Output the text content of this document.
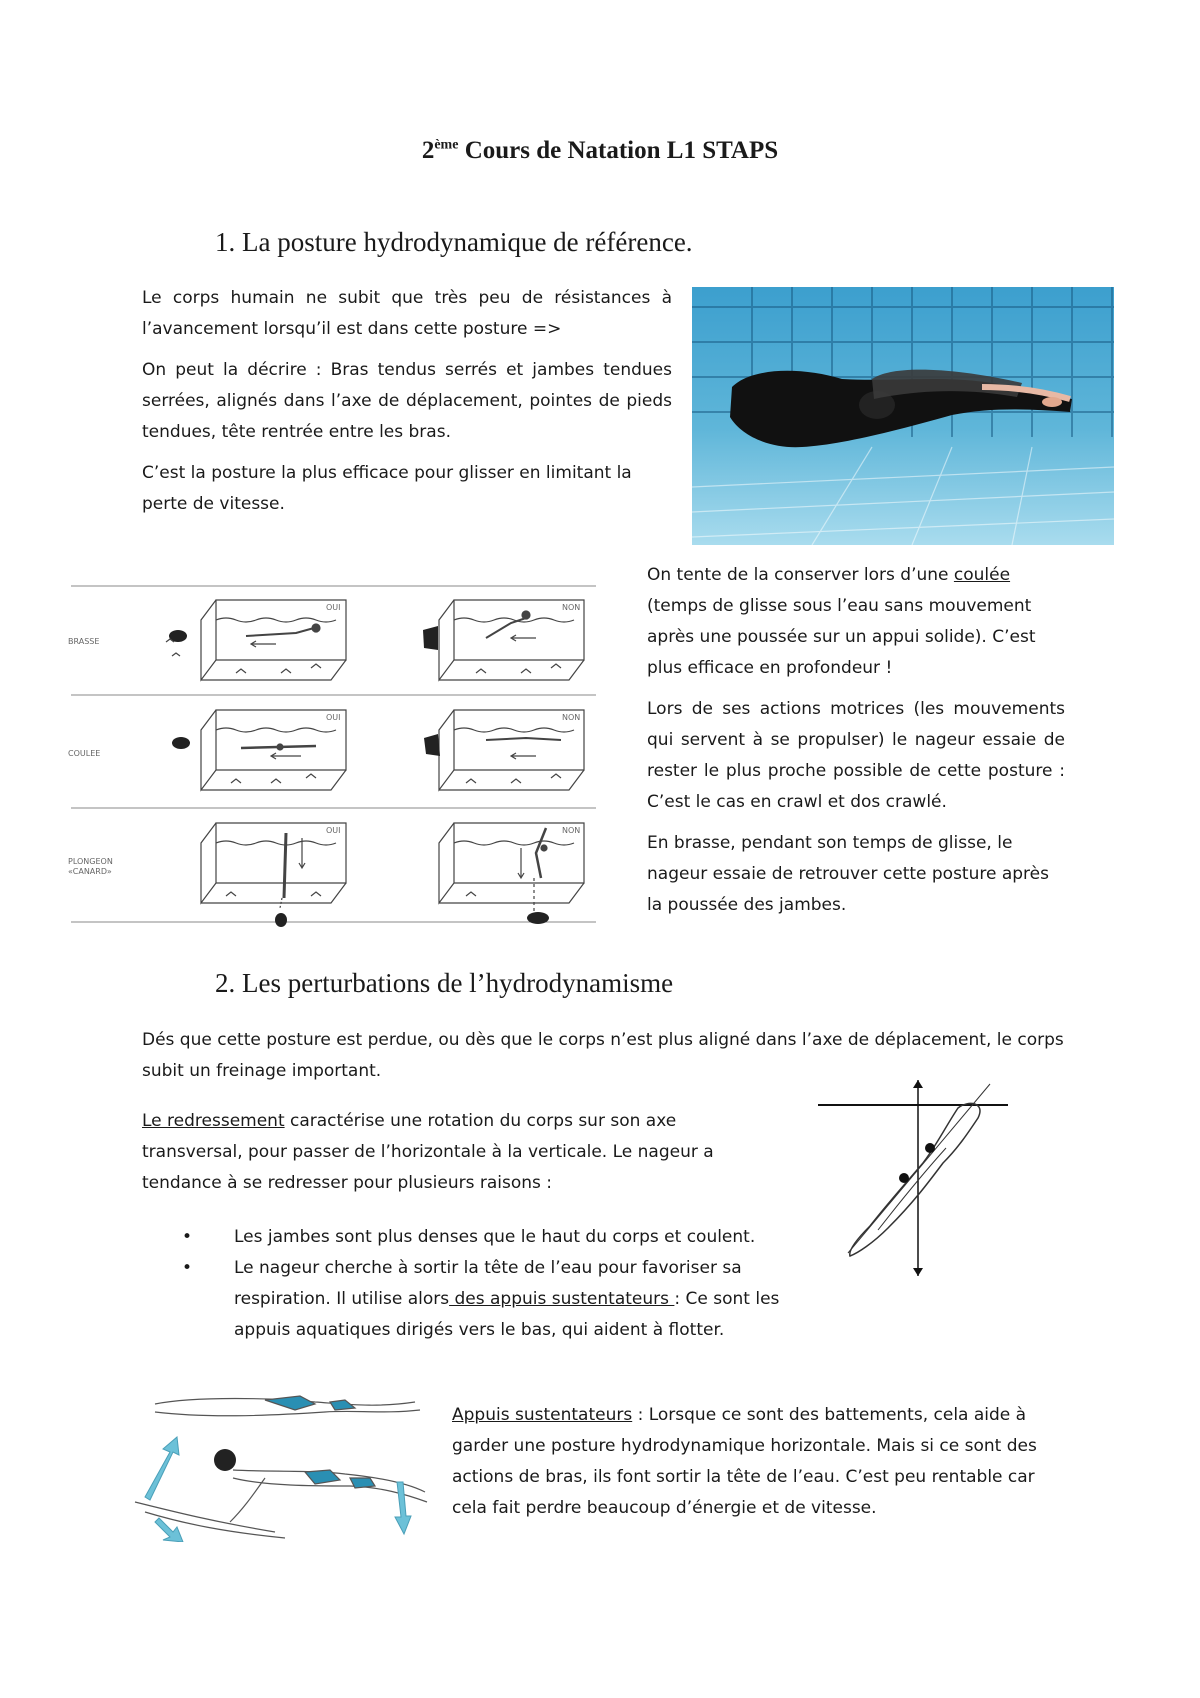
2ème Cours de Natation L1 STAPS
1. La posture hydrodynamique de référence.

Le corps humain ne subit que très peu de résistances à l’avancement lorsqu’il est dans cette posture =>

On peut la décrire : Bras tendus serrés et jambes tendues serrées, alignés dans l’axe de déplacement, pointes de pieds tendues, tête rentrée entre les bras.

C’est la posture la plus efficace pour glisser en limitant la perte de vitesse.

BRASSE
COULEE
PLONGEON
«CANARD»
OUI	NON
OUI	NON
OUI	NON

On tente de la conserver lors d’une coulée (temps de glisse sous l’eau sans mouvement après une poussée sur un appui solide). C’est plus efficace en profondeur !

Lors de ses actions motrices (les mouvements qui servent à se propulser) le nageur essaie de rester le plus proche possible de cette posture : C’est le cas en crawl et dos crawlé.

En brasse, pendant son temps de glisse, le nageur essaie de retrouver cette posture après la poussée des jambes.

2. Les perturbations de l’hydrodynamisme

Dés que cette posture est perdue, ou dès que le corps n’est plus aligné dans l’axe de déplacement, le corps subit un freinage important.

Le redressement caractérise une rotation du corps sur son axe transversal, pour passer de l’horizontale à la verticale. Le nageur a tendance à se redresser pour plusieurs raisons :

• Les jambes sont plus denses que le haut du corps et coulent.
• Le nageur cherche à sortir la tête de l’eau pour favoriser sa respiration. Il utilise alors des appuis sustentateurs : Ce sont les appuis aquatiques dirigés vers le bas, qui aident à flotter.

Appuis sustentateurs : Lorsque ce sont des battements, cela aide à garder une posture hydrodynamique horizontale. Mais si ce sont des actions de bras, ils font sortir la tête de l’eau. C’est peu rentable car cela fait perdre beaucoup d’énergie et de vitesse.
